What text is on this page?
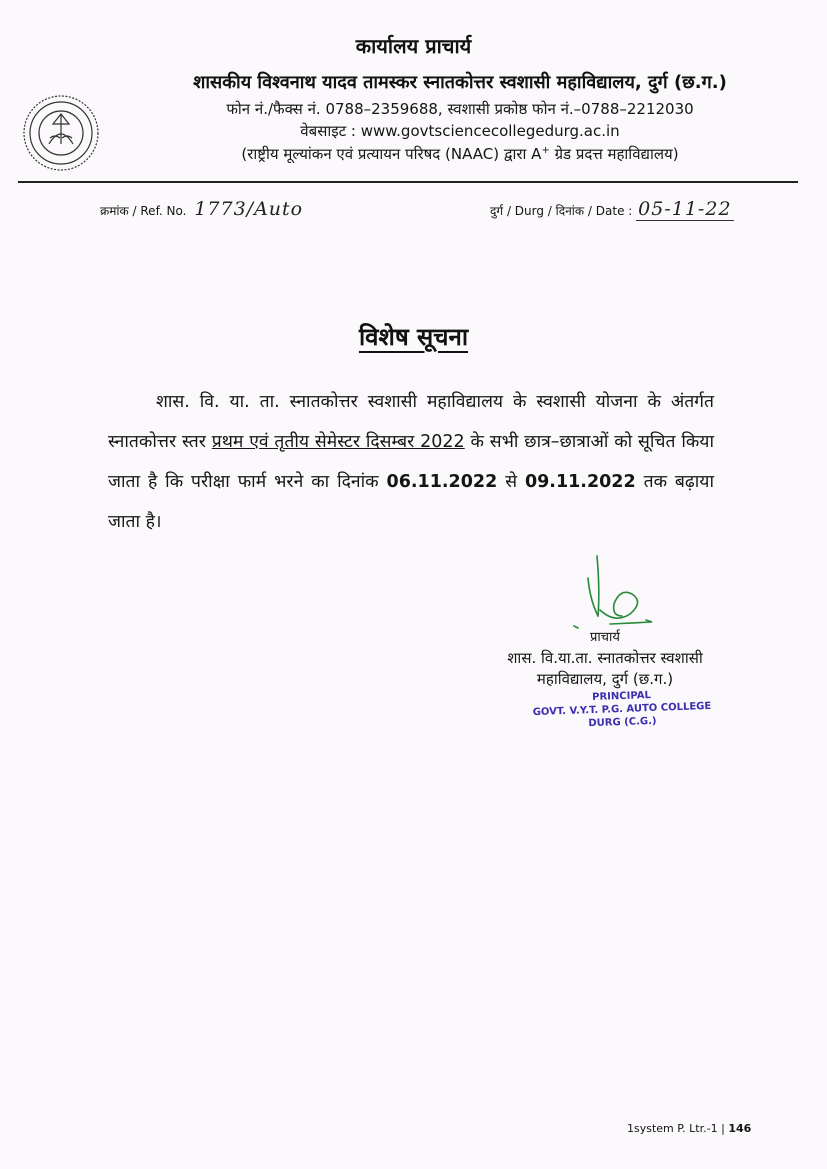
कार्यालय प्राचार्य
शासकीय विश्वनाथ यादव तामस्कर स्नातकोत्तर स्वशासी महाविद्यालय, दुर्ग (छ.ग.)
फोन नं./फैक्स नं. 0788–2359688, स्वशासी प्रकोष्ठ फोन नं.–0788–2212030
वेबसाइट : www.govtsciencecollegedurg.ac.in
(राष्ट्रीय मूल्यांकन एवं प्रत्यायन परिषद (NAAC) द्वारा A+ ग्रेड प्रदत्त महाविद्यालय)
क्रमांक / Ref. No. 1773/Auto	दुर्ग / Durg / दिनांक / Date : 05-11-22
विशेष सूचना
शास. वि. या. ता. स्नातकोत्तर स्वशासी महाविद्यालय के स्वशासी योजना के अंतर्गत स्नातकोत्तर स्तर प्रथम एवं तृतीय सेमेस्टर दिसम्बर 2022 के सभी छात्र–छात्राओं को सूचित किया जाता है कि परीक्षा फार्म भरने का दिनांक 06.11.2022 से 09.11.2022 तक बढ़ाया जाता है।
प्राचार्य
शास. वि.या.ता. स्नातकोत्तर स्वशासी
महाविद्यालय, दुर्ग (छ.ग.)
PRINCIPAL
GOVT. V.Y.T. P.G. AUTO COLLEGE
DURG (C.G.)
1system P. Ltr.-1 | 146
